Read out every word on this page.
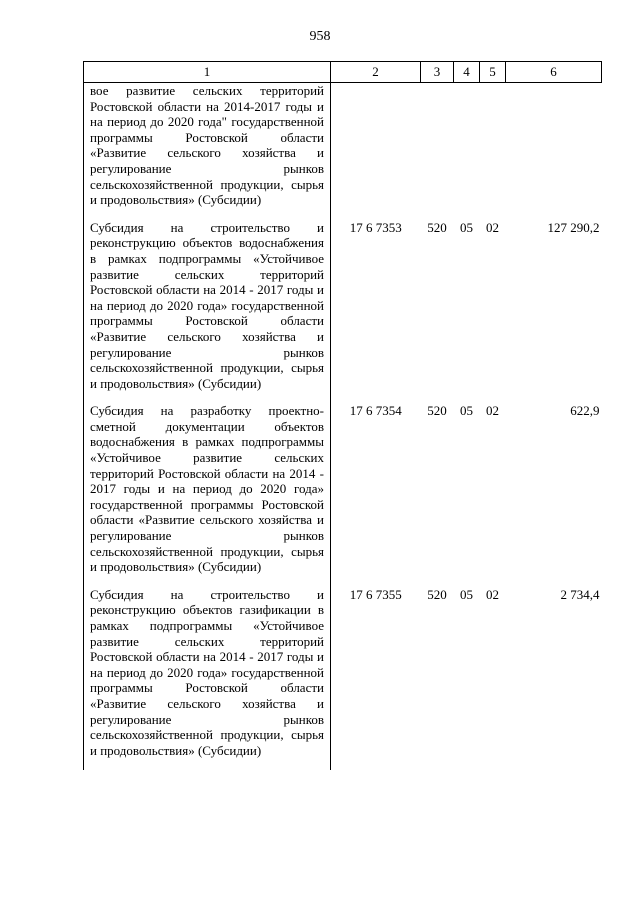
958
1	2	3	4	5	6
вое развитие сельских территорий Ростовской области на 2014-2017 годы и на период до 2020 года" государственной программы Ростовской области «Развитие сельского хозяйства и регулирование рынков сельскохозяйственной продукции, сырья и продовольствия» (Субсидии)					
Субсидия на строительство и реконструкцию объектов водоснабжения в рамках подпрограммы «Устойчивое развитие сельских территорий Ростовской области на 2014 - 2017 годы и на период до 2020 года» государственной программы Ростовской области «Развитие сельского хозяйства и регулирование рынков сельскохозяйственной продукции, сырья и продовольствия» (Субсидии)	17 6 7353	520	05	02	127 290,2
Субсидия на разработку проектно-сметной документации объектов водоснабжения в рамках подпрограммы «Устойчивое развитие сельских территорий Ростовской области на 2014 - 2017 годы и на период до 2020 года» государственной программы Ростовской области «Развитие сельского хозяйства и регулирование рынков сельскохозяйственной продукции, сырья и продовольствия» (Субсидии)	17 6 7354	520	05	02	622,9
Субсидия на строительство и реконструкцию объектов газификации в рамках подпрограммы «Устойчивое развитие сельских территорий Ростовской области на 2014 - 2017 годы и на период до 2020 года» государственной программы Ростовской области «Развитие сельского хозяйства и регулирование рынков сельскохозяйственной продукции, сырья и продовольствия» (Субсидии)	17 6 7355	520	05	02	2 734,4
